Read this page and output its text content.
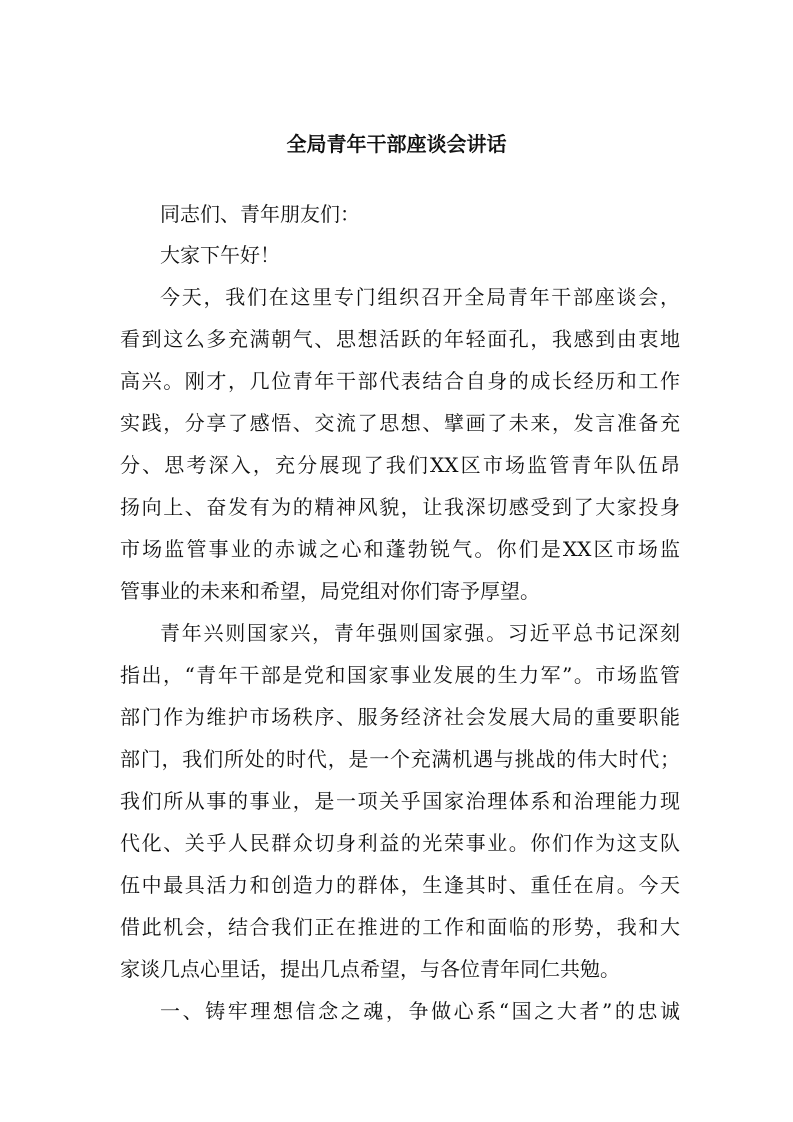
全局青年干部座谈会讲话
同志们、青年朋友们：
大家下午好！
今天，我们在这里专门组织召开全局青年干部座谈会，
看到这么多充满朝气、思想活跃的年轻面孔，我感到由衷地
高兴。刚才，几位青年干部代表结合自身的成长经历和工作
实践，分享了感悟、交流了思想、擘画了未来，发言准备充
分、思考深入，充分展现了我们XX区市场监管青年队伍昂
扬向上、奋发有为的精神风貌，让我深切感受到了大家投身
市场监管事业的赤诚之心和蓬勃锐气。你们是XX区市场监
管事业的未来和希望，局党组对你们寄予厚望。
青年兴则国家兴，青年强则国家强。习近平总书记深刻
指出，“青年干部是党和国家事业发展的生力军”。市场监管
部门作为维护市场秩序、服务经济社会发展大局的重要职能
部门，我们所处的时代，是一个充满机遇与挑战的伟大时代；
我们所从事的事业，是一项关乎国家治理体系和治理能力现
代化、关乎人民群众切身利益的光荣事业。你们作为这支队
伍中最具活力和创造力的群体，生逢其时、重任在肩。今天
借此机会，结合我们正在推进的工作和面临的形势，我和大
家谈几点心里话，提出几点希望，与各位青年同仁共勉。
一、铸牢理想信念之魂，争做心系“国之大者”的忠诚
